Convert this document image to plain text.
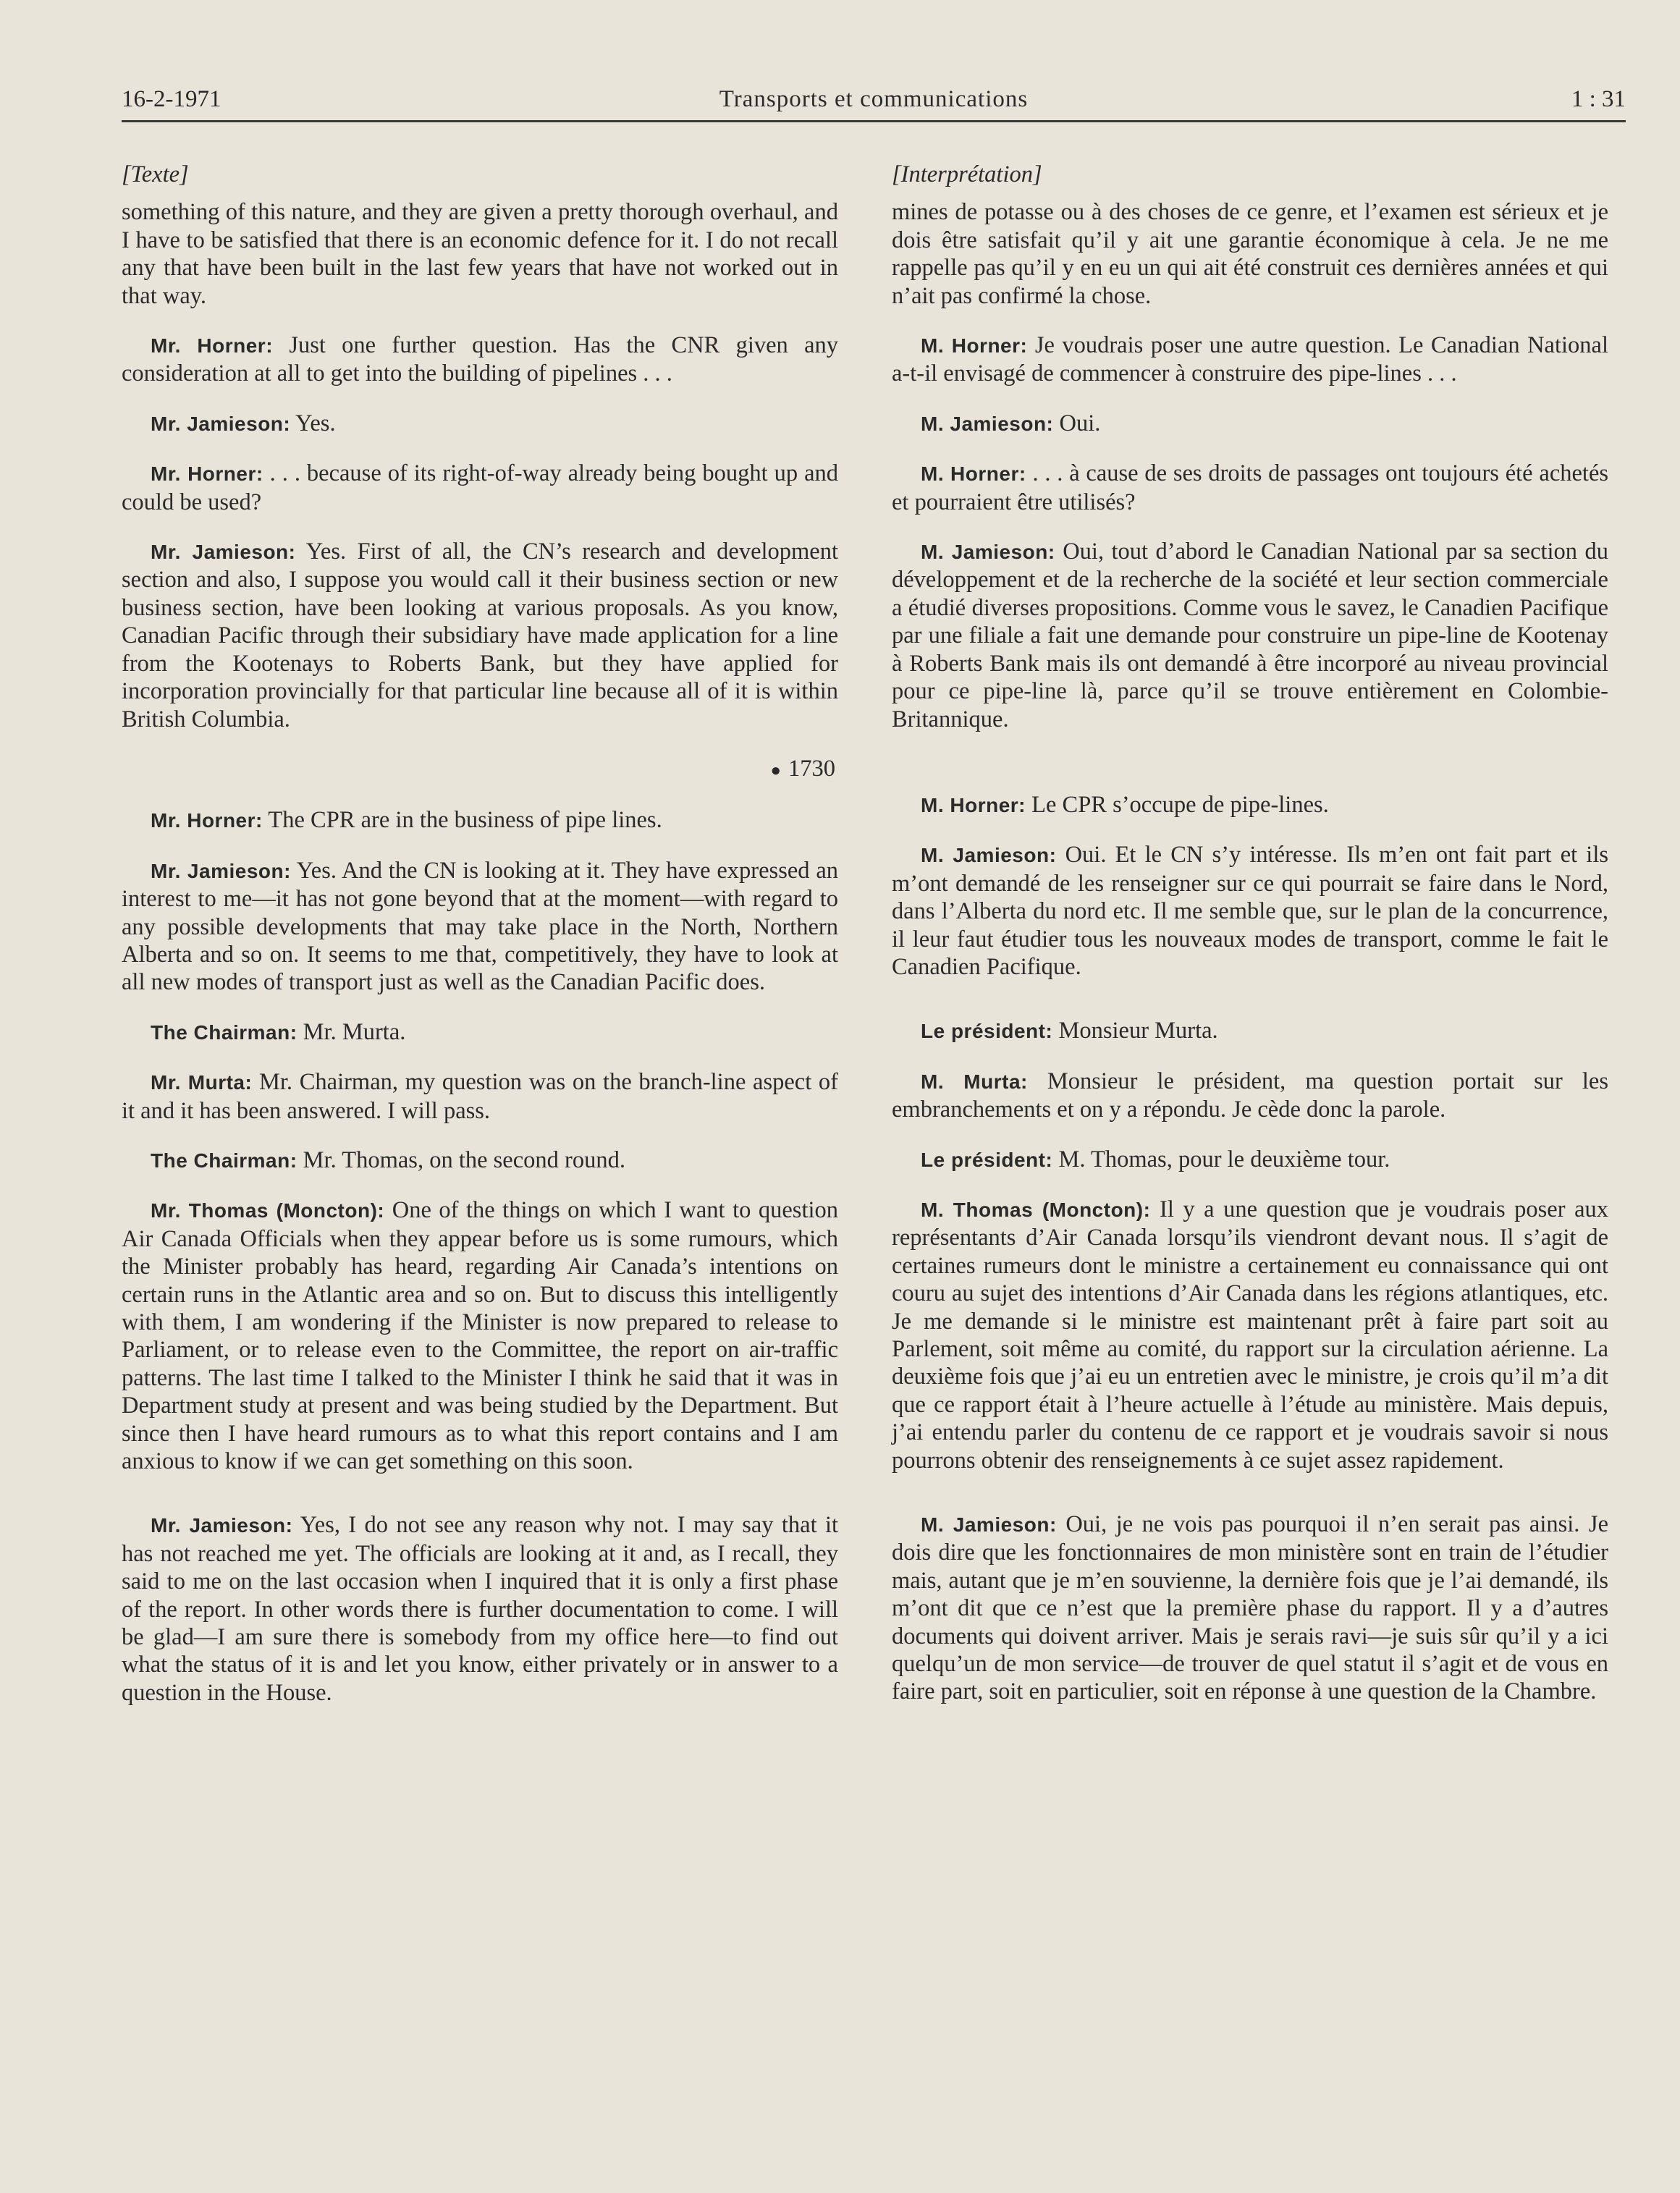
16-2-1971	Transports et communications	1 : 31
[Texte]

something of this nature, and they are given a pretty thorough overhaul, and I have to be satisfied that there is an economic defence for it. I do not recall any that have been built in the last few years that have not worked out in that way.

Mr. Horner: Just one further question. Has the CNR given any consideration at all to get into the building of pipelines . . .

Mr. Jamieson: Yes.

Mr. Horner: . . . because of its right-of-way already being bought up and could be used?

Mr. Jamieson: Yes. First of all, the CN’s research and development section and also, I suppose you would call it their business section or new business section, have been looking at various proposals. As you know, Canadian Pacific through their subsidiary have made application for a line from the Kootenays to Roberts Bank, but they have applied for incorporation provincially for that particular line because all of it is within British Columbia.

● 1730

Mr. Horner: The CPR are in the business of pipe lines.

Mr. Jamieson: Yes. And the CN is looking at it. They have expressed an interest to me—it has not gone beyond that at the moment—with regard to any possible developments that may take place in the North, Northern Alberta and so on. It seems to me that, competitively, they have to look at all new modes of transport just as well as the Canadian Pacific does.

The Chairman: Mr. Murta.

Mr. Murta: Mr. Chairman, my question was on the branch-line aspect of it and it has been answered. I will pass.

The Chairman: Mr. Thomas, on the second round.

Mr. Thomas (Moncton): One of the things on which I want to question Air Canada Officials when they appear before us is some rumours, which the Minister probably has heard, regarding Air Canada’s intentions on certain runs in the Atlantic area and so on. But to discuss this intelligently with them, I am wondering if the Minister is now prepared to release to Parliament, or to release even to the Committee, the report on air-traffic patterns. The last time I talked to the Minister I think he said that it was in Department study at present and was being studied by the Department. But since then I have heard rumours as to what this report contains and I am anxious to know if we can get something on this soon.

Mr. Jamieson: Yes, I do not see any reason why not. I may say that it has not reached me yet. The officials are looking at it and, as I recall, they said to me on the last occasion when I inquired that it is only a first phase of the report. In other words there is further documentation to come. I will be glad—I am sure there is somebody from my office here—to find out what the status of it is and let you know, either privately or in answer to a question in the House.

[Interprétation]

mines de potasse ou à des choses de ce genre, et l’examen est sérieux et je dois être satisfait qu’il y ait une garantie économique à cela. Je ne me rappelle pas qu’il y en eu un qui ait été construit ces dernières années et qui n’ait pas confirmé la chose.

M. Horner: Je voudrais poser une autre question. Le Canadian National a-t-il envisagé de commencer à construire des pipe-lines . . .

M. Jamieson: Oui.

M. Horner: . . . à cause de ses droits de passages ont toujours été achetés et pourraient être utilisés?

M. Jamieson: Oui, tout d’abord le Canadian National par sa section du développement et de la recherche de la société et leur section commerciale a étudié diverses propositions. Comme vous le savez, le Canadien Pacifique par une filiale a fait une demande pour construire un pipe-line de Kootenay à Roberts Bank mais ils ont demandé à être incorporé au niveau provincial pour ce pipe-line là, parce qu’il se trouve entièrement en Colombie-Britannique.

M. Horner: Le CPR s’occupe de pipe-lines.

M. Jamieson: Oui. Et le CN s’y intéresse. Ils m’en ont fait part et ils m’ont demandé de les renseigner sur ce qui pourrait se faire dans le Nord, dans l’Alberta du nord etc. Il me semble que, sur le plan de la concurrence, il leur faut étudier tous les nouveaux modes de transport, comme le fait le Canadien Pacifique.

Le président: Monsieur Murta.

M. Murta: Monsieur le président, ma question portait sur les embranchements et on y a répondu. Je cède donc la parole.

Le président: M. Thomas, pour le deuxième tour.

M. Thomas (Moncton): Il y a une question que je voudrais poser aux représentants d’Air Canada lorsqu’ils viendront devant nous. Il s’agit de certaines rumeurs dont le ministre a certainement eu connaissance qui ont couru au sujet des intentions d’Air Canada dans les régions atlantiques, etc. Je me demande si le ministre est maintenant prêt à faire part soit au Parlement, soit même au comité, du rapport sur la circulation aérienne. La deuxième fois que j’ai eu un entretien avec le ministre, je crois qu’il m’a dit que ce rapport était à l’heure actuelle à l’étude au ministère. Mais depuis, j’ai entendu parler du contenu de ce rapport et je voudrais savoir si nous pourrons obtenir des renseignements à ce sujet assez rapidement.

M. Jamieson: Oui, je ne vois pas pourquoi il n’en serait pas ainsi. Je dois dire que les fonctionnaires de mon ministère sont en train de l’étudier mais, autant que je m’en souvienne, la dernière fois que je l’ai demandé, ils m’ont dit que ce n’est que la première phase du rapport. Il y a d’autres documents qui doivent arriver. Mais je serais ravi—je suis sûr qu’il y a ici quelqu’un de mon service—de trouver de quel statut il s’agit et de vous en faire part, soit en particulier, soit en réponse à une question de la Chambre.
